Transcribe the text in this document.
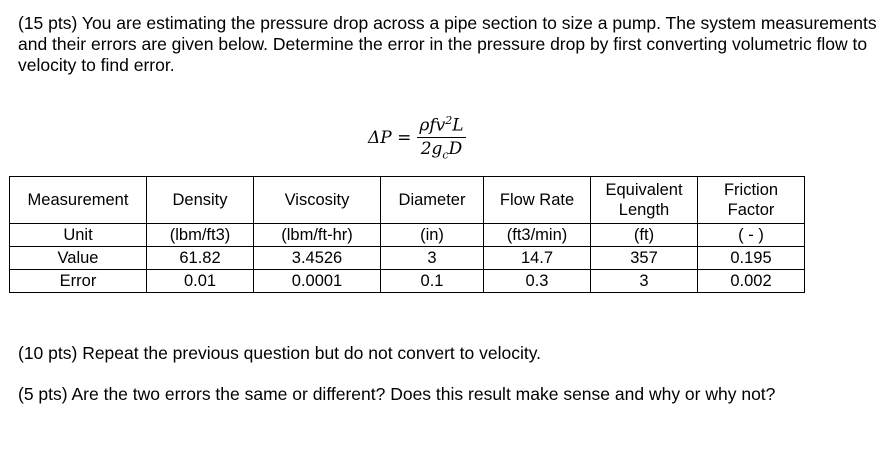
(15 pts) You are estimating the pressure drop across a pipe section to size a pump. The system measurements and their errors are given below. Determine the error in the pressure drop by first converting volumetric flow to velocity to find error.
$\Delta P = \frac{\rho fv^2L}{2g_cD}$
Measurement	Density	Viscosity	Diameter	Flow Rate	Equivalent Length	Friction Factor
Unit	(lbm/ft3)	(lbm/ft-hr)	(in)	(ft3/min)	(ft)	( - )
Value	61.82	3.4526	3	14.7	357	0.195
Error	0.01	0.0001	0.1	0.3	3	0.002
(10 pts) Repeat the previous question but do not convert to velocity.
(5 pts) Are the two errors the same or different? Does this result make sense and why or why not?
